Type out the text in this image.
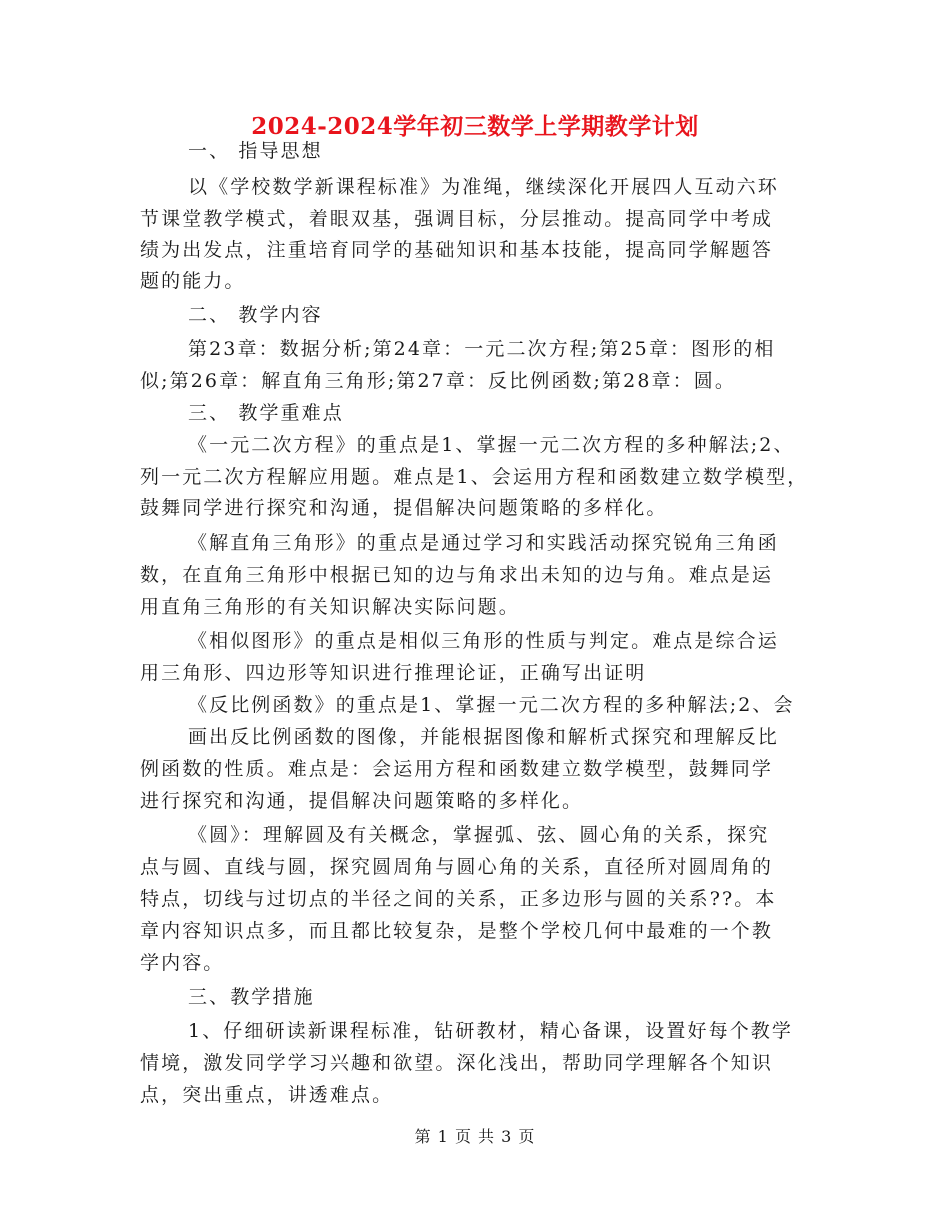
2024-2024学年初三数学上学期教学计划
一、 指导思想
以《学校数学新课程标准》为准绳，继续深化开展四人互动六环
节课堂教学模式，着眼双基，强调目标，分层推动。提高同学中考成
绩为出发点，注重培育同学的基础知识和基本技能，提高同学解题答
题的能力。
二、 教学内容
第23章：数据分析;第24章：一元二次方程;第25章：图形的相
似;第26章：解直角三角形;第27章：反比例函数;第28章：圆。
三、 教学重难点
《一元二次方程》的重点是1、掌握一元二次方程的多种解法;2、
列一元二次方程解应用题。难点是1、会运用方程和函数建立数学模型，
鼓舞同学进行探究和沟通，提倡解决问题策略的多样化。
《解直角三角形》的重点是通过学习和实践活动探究锐角三角函
数，在直角三角形中根据已知的边与角求出未知的边与角。难点是运
用直角三角形的有关知识解决实际问题。
《相似图形》的重点是相似三角形的性质与判定。难点是综合运
用三角形、四边形等知识进行推理论证，正确写出证明
《反比例函数》的重点是1、掌握一元二次方程的多种解法;2、会
画出反比例函数的图像，并能根据图像和解析式探究和理解反比
例函数的性质。难点是：会运用方程和函数建立数学模型，鼓舞同学
进行探究和沟通，提倡解决问题策略的多样化。
《圆》：理解圆及有关概念，掌握弧、弦、圆心角的关系，探究
点与圆、直线与圆，探究圆周角与圆心角的关系，直径所对圆周角的
特点，切线与过切点的半径之间的关系，正多边形与圆的关系??。本
章内容知识点多，而且都比较复杂，是整个学校几何中最难的一个教
学内容。
三、教学措施
1、仔细研读新课程标准，钻研教材，精心备课，设置好每个教学
情境，激发同学学习兴趣和欲望。深化浅出，帮助同学理解各个知识
点，突出重点，讲透难点。
第 1 页 共 3 页
